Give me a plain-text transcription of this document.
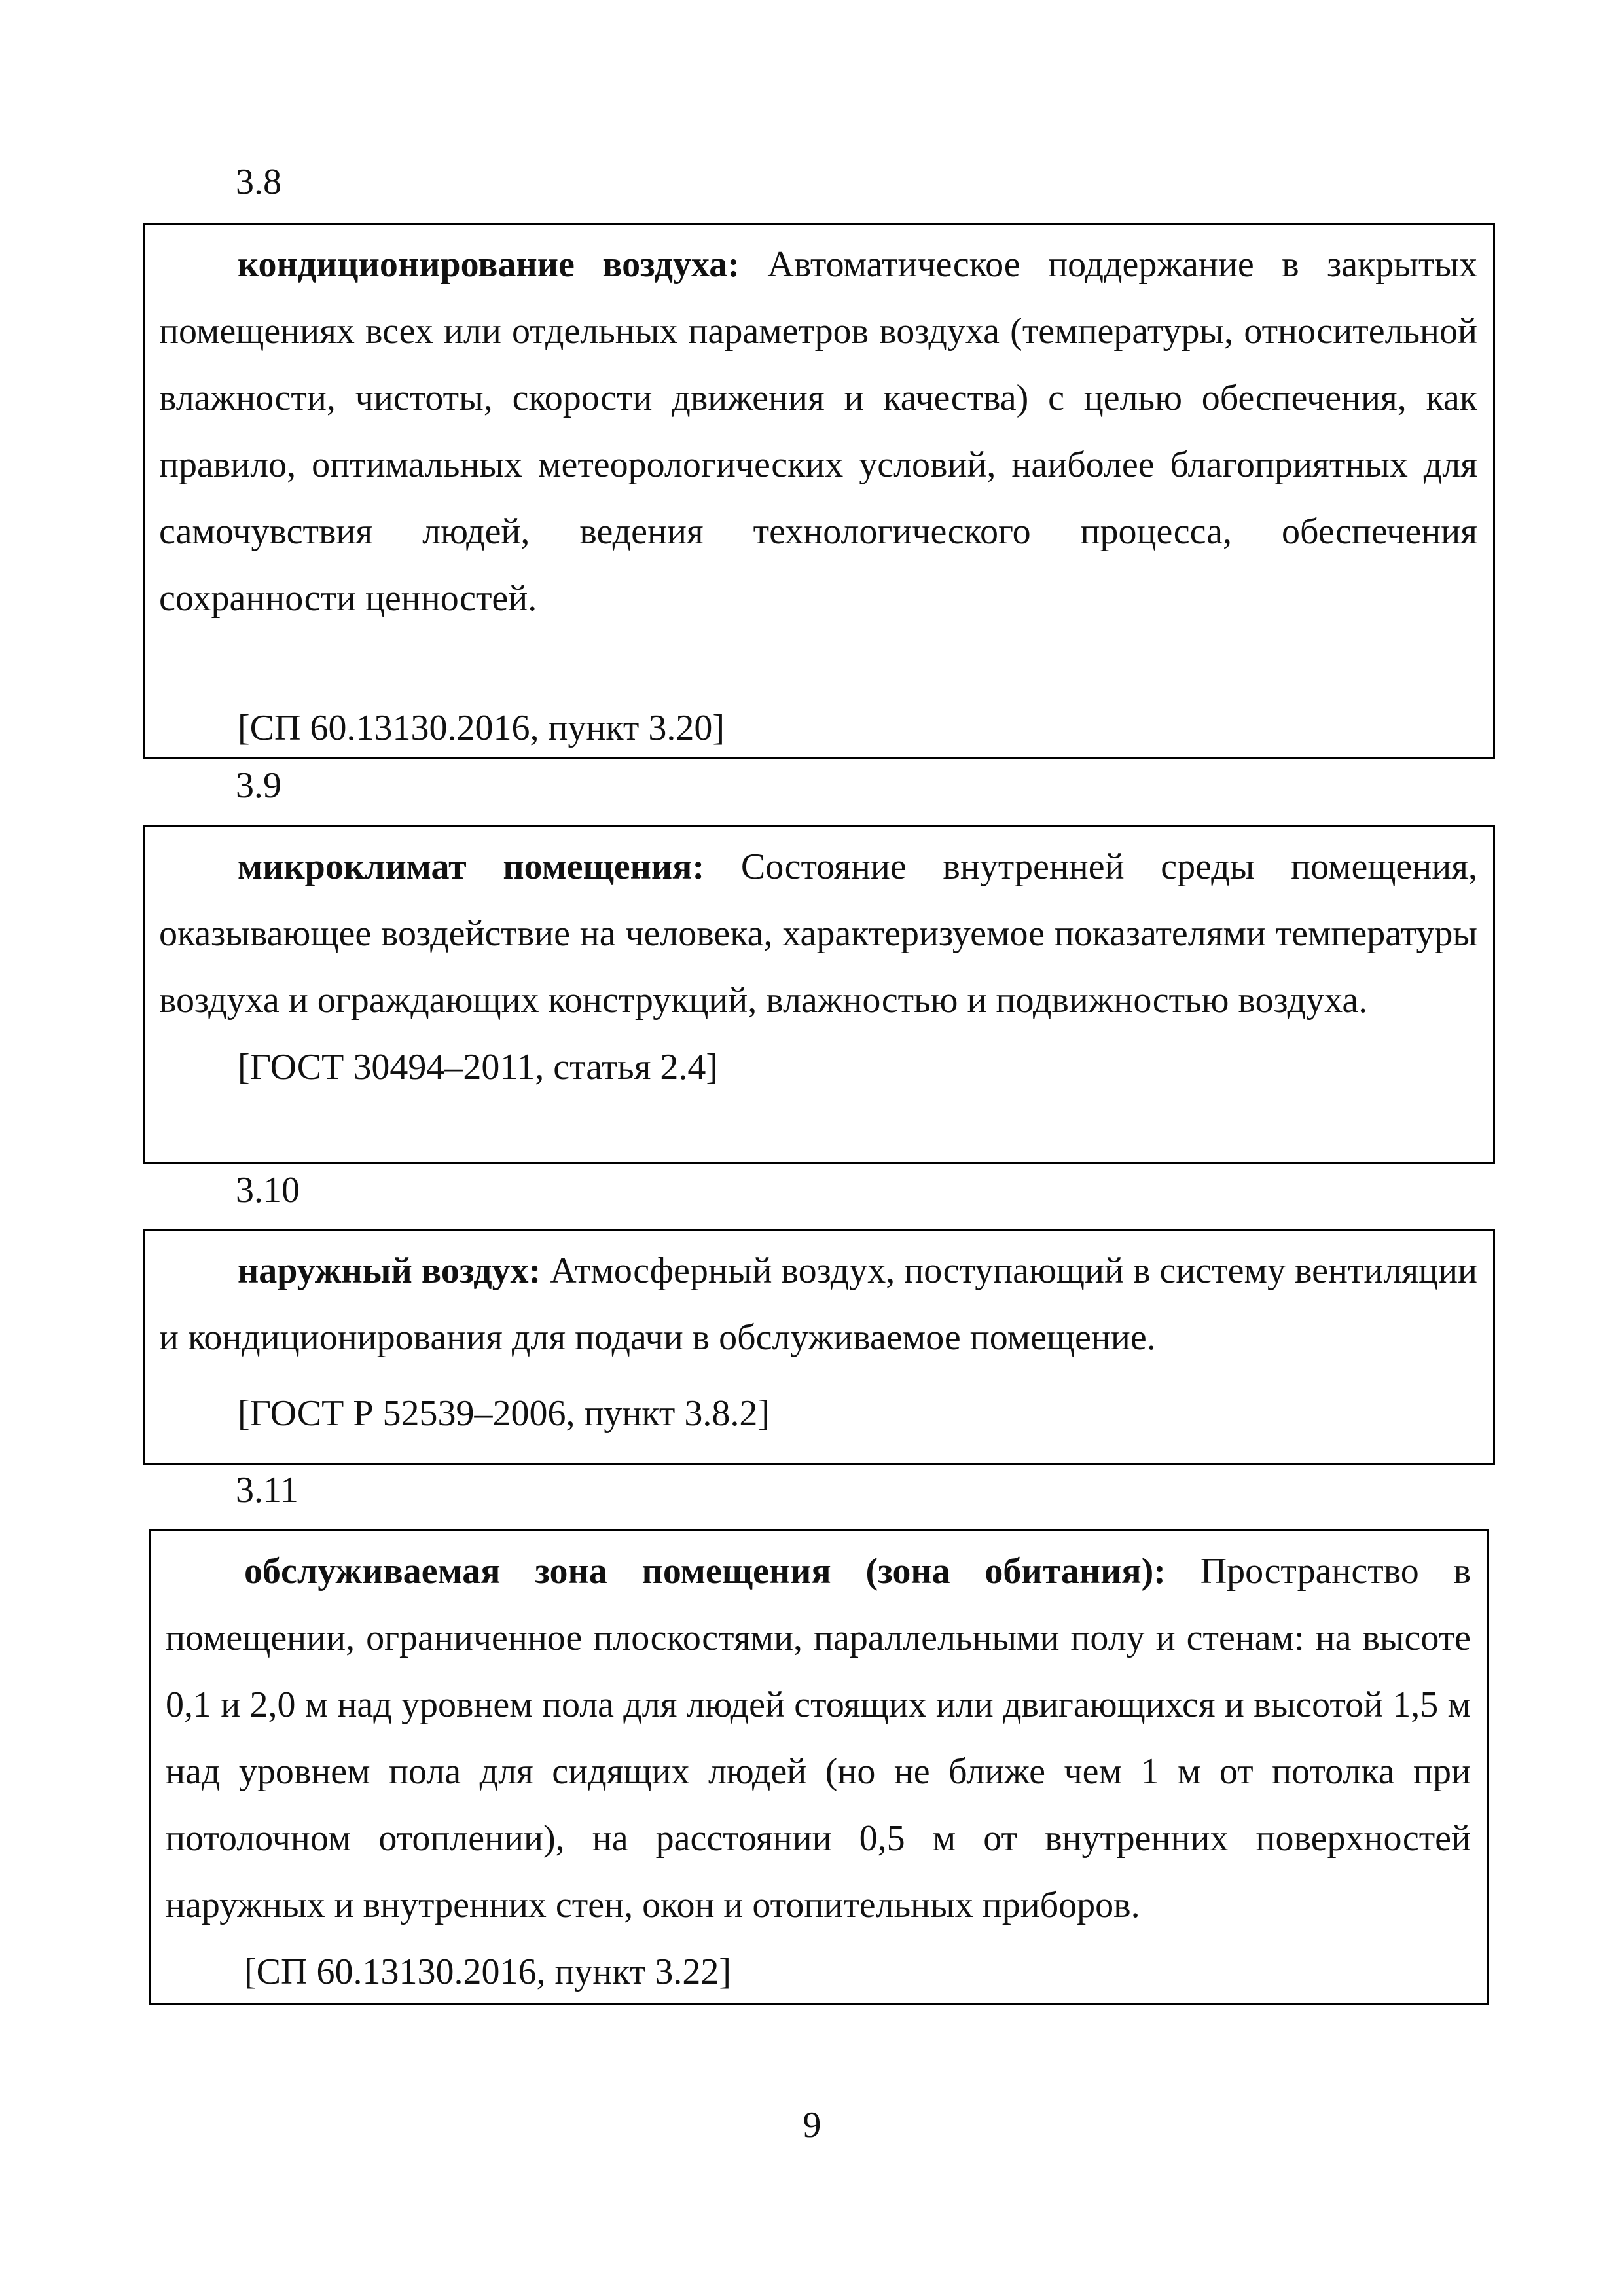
3.8

кондиционирование воздуха: Автоматическое поддержание в закрытых помещениях всех или отдельных параметров воздуха (температуры, относительной влажности, чистоты, скорости движения и качества) с целью обеспечения, как правило, оптимальных метеорологических условий, наиболее благоприятных для самочувствия людей, ведения технологического процесса, обеспечения сохранности ценностей.

[СП 60.13130.2016, пункт 3.20]

3.9

микроклимат помещения: Состояние внутренней среды помещения, оказывающее воздействие на человека, характеризуемое показателями температуры воздуха и ограждающих конструкций, влажностью и подвижностью воздуха.

[ГОСТ 30494–2011, статья 2.4]

3.10

наружный воздух: Атмосферный воздух, поступающий в систему вентиляции и кондиционирования для подачи в обслуживаемое помещение.

[ГОСТ Р 52539–2006, пункт 3.8.2]

3.11

обслуживаемая зона помещения (зона обитания): Пространство в помещении, ограниченное плоскостями, параллельными полу и стенам: на высоте 0,1 и 2,0 м над уровнем пола для людей стоящих или двигающихся и высотой 1,5 м над уровнем пола для сидящих людей (но не ближе чем 1 м от потолка при потолочном отоплении), на расстоянии 0,5 м от внутренних поверхностей наружных и внутренних стен, окон и отопительных приборов.

[СП 60.13130.2016, пункт 3.22]

9
